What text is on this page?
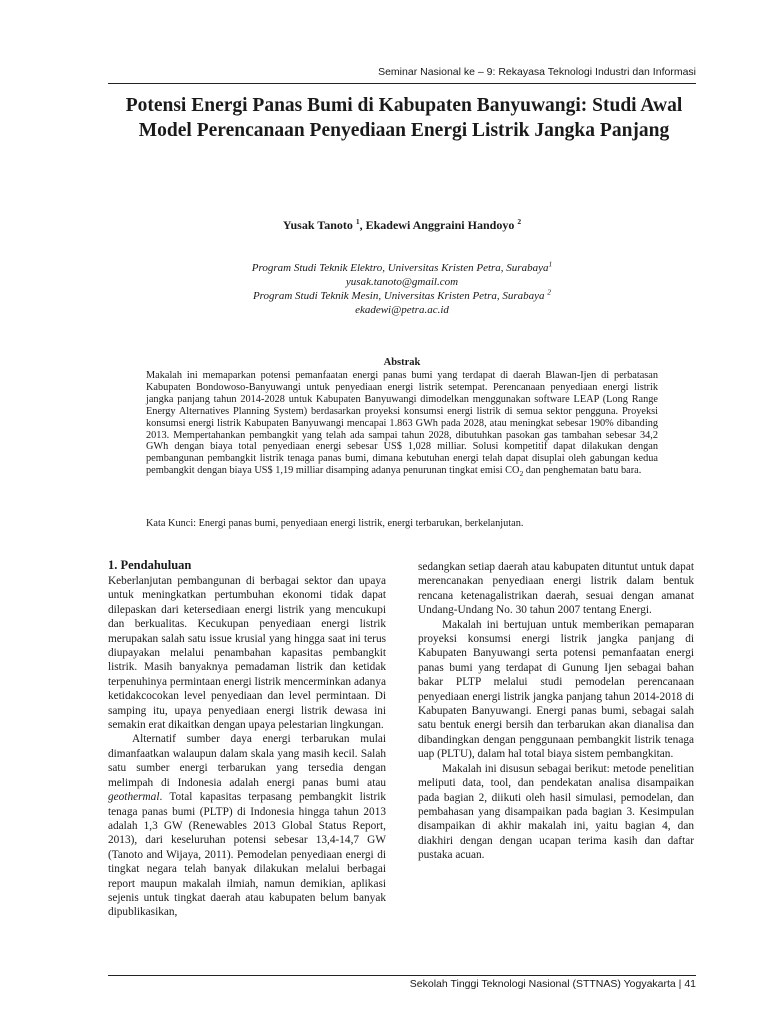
Seminar Nasional ke – 9: Rekayasa Teknologi Industri dan Informasi
Potensi Energi Panas Bumi di Kabupaten Banyuwangi: Studi Awal Model Perencanaan Penyediaan Energi Listrik Jangka Panjang
Yusak Tanoto $^1$, Ekadewi Anggraini Handoyo $^2$
Program Studi Teknik Elektro, Universitas Kristen Petra, Surabaya$^1$
yusak.tanoto@gmail.com
Program Studi Teknik Mesin, Universitas Kristen Petra, Surabaya $^2$
ekadewi@petra.ac.id
Abstrak

Makalah ini memaparkan potensi pemanfaatan energi panas bumi yang terdapat di daerah Blawan-Ijen di perbatasan Kabupaten Bondowoso-Banyuwangi untuk penyediaan energi listrik setempat. Perencanaan penyediaan energi listrik jangka panjang tahun 2014-2028 untuk Kabupaten Banyuwangi dimodelkan menggunakan software LEAP (Long Range Energy Alternatives Planning System) berdasarkan proyeksi konsumsi energi listrik di semua sektor pengguna. Proyeksi konsumsi energi listrik Kabupaten Banyuwangi mencapai 1.863 GWh pada 2028, atau meningkat sebesar 190% dibanding 2013. Mempertahankan pembangkit yang telah ada sampai tahun 2028, dibutuhkan pasokan gas tambahan sebesar 34,2 GWh dengan biaya total penyediaan energi sebesar US$ 1,028 milliar. Solusi kompetitif dapat dilakukan dengan pembangunan pembangkit listrik tenaga panas bumi, dimana kebutuhan energi telah dapat disuplai oleh gabungan kedua pembangkit dengan biaya US$ 1,19 milliar disamping adanya penurunan tingkat emisi $CO_2$ dan penghematan batu bara.

Kata Kunci: Energi panas bumi, penyediaan energi listrik, energi terbarukan, berkelanjutan.

1. Pendahuluan

Keberlanjutan pembangunan di berbagai sektor dan upaya untuk meningkatkan pertumbuhan ekonomi tidak dapat dilepaskan dari ketersediaan energi listrik yang mencukupi dan berkualitas. Kecukupan penyediaan energi listrik merupakan salah satu issue krusial yang hingga saat ini terus diupayakan melalui penambahan kapasitas pembangkit listrik. Masih banyaknya pemadaman listrik dan ketidak terpenuhinya permintaan energi listrik mencerminkan adanya ketidakcocokan level penyediaan dan level permintaan. Di samping itu, upaya penyediaan energi listrik dewasa ini semakin erat dikaitkan dengan upaya pelestarian lingkungan.

Alternatif sumber daya energi terbarukan mulai dimanfaatkan walaupun dalam skala yang masih kecil. Salah satu sumber energi terbarukan yang tersedia dengan melimpah di Indonesia adalah energi panas bumi atau geothermal. Total kapasitas terpasang pembangkit listrik tenaga panas bumi (PLTP) di Indonesia hingga tahun 2013 adalah 1,3 GW (Renewables 2013 Global Status Report, 2013), dari keseluruhan potensi sebesar 13,4-14,7 GW (Tanoto and Wijaya, 2011). Pemodelan penyediaan energi di tingkat negara telah banyak dilakukan melalui berbagai report maupun makalah ilmiah, namun demikian, aplikasi sejenis untuk tingkat daerah atau kabupaten belum banyak dipublikasikan,

sedangkan setiap daerah atau kabupaten dituntut untuk dapat merencanakan penyediaan energi listrik dalam bentuk rencana ketenagalistrikan daerah, sesuai dengan amanat Undang-Undang No. 30 tahun 2007 tentang Energi.

Makalah ini bertujuan untuk memberikan pemaparan proyeksi konsumsi energi listrik jangka panjang di Kabupaten Banyuwangi serta potensi pemanfaatan energi panas bumi yang terdapat di Gunung Ijen sebagai bahan bakar PLTP melalui studi pemodelan perencanaan penyediaan energi listrik jangka panjang tahun 2014-2018 di Kabupaten Banyuwangi. Energi panas bumi, sebagai salah satu bentuk energi bersih dan terbarukan akan dianalisa dan dibandingkan dengan penggunaan pembangkit listrik tenaga uap (PLTU), dalam hal total biaya sistem pembangkitan.

Makalah ini disusun sebagai berikut: metode penelitian meliputi data, tool, dan pendekatan analisa disampaikan pada bagian 2, diikuti oleh hasil simulasi, pemodelan, dan pembahasan yang disampaikan pada bagian 3. Kesimpulan disampaikan di akhir makalah ini, yaitu bagian 4, dan diakhiri dengan dengan ucapan terima kasih dan daftar pustaka acuan.

Sekolah Tinggi Teknologi Nasional (STTNAS) Yogyakarta | 41
